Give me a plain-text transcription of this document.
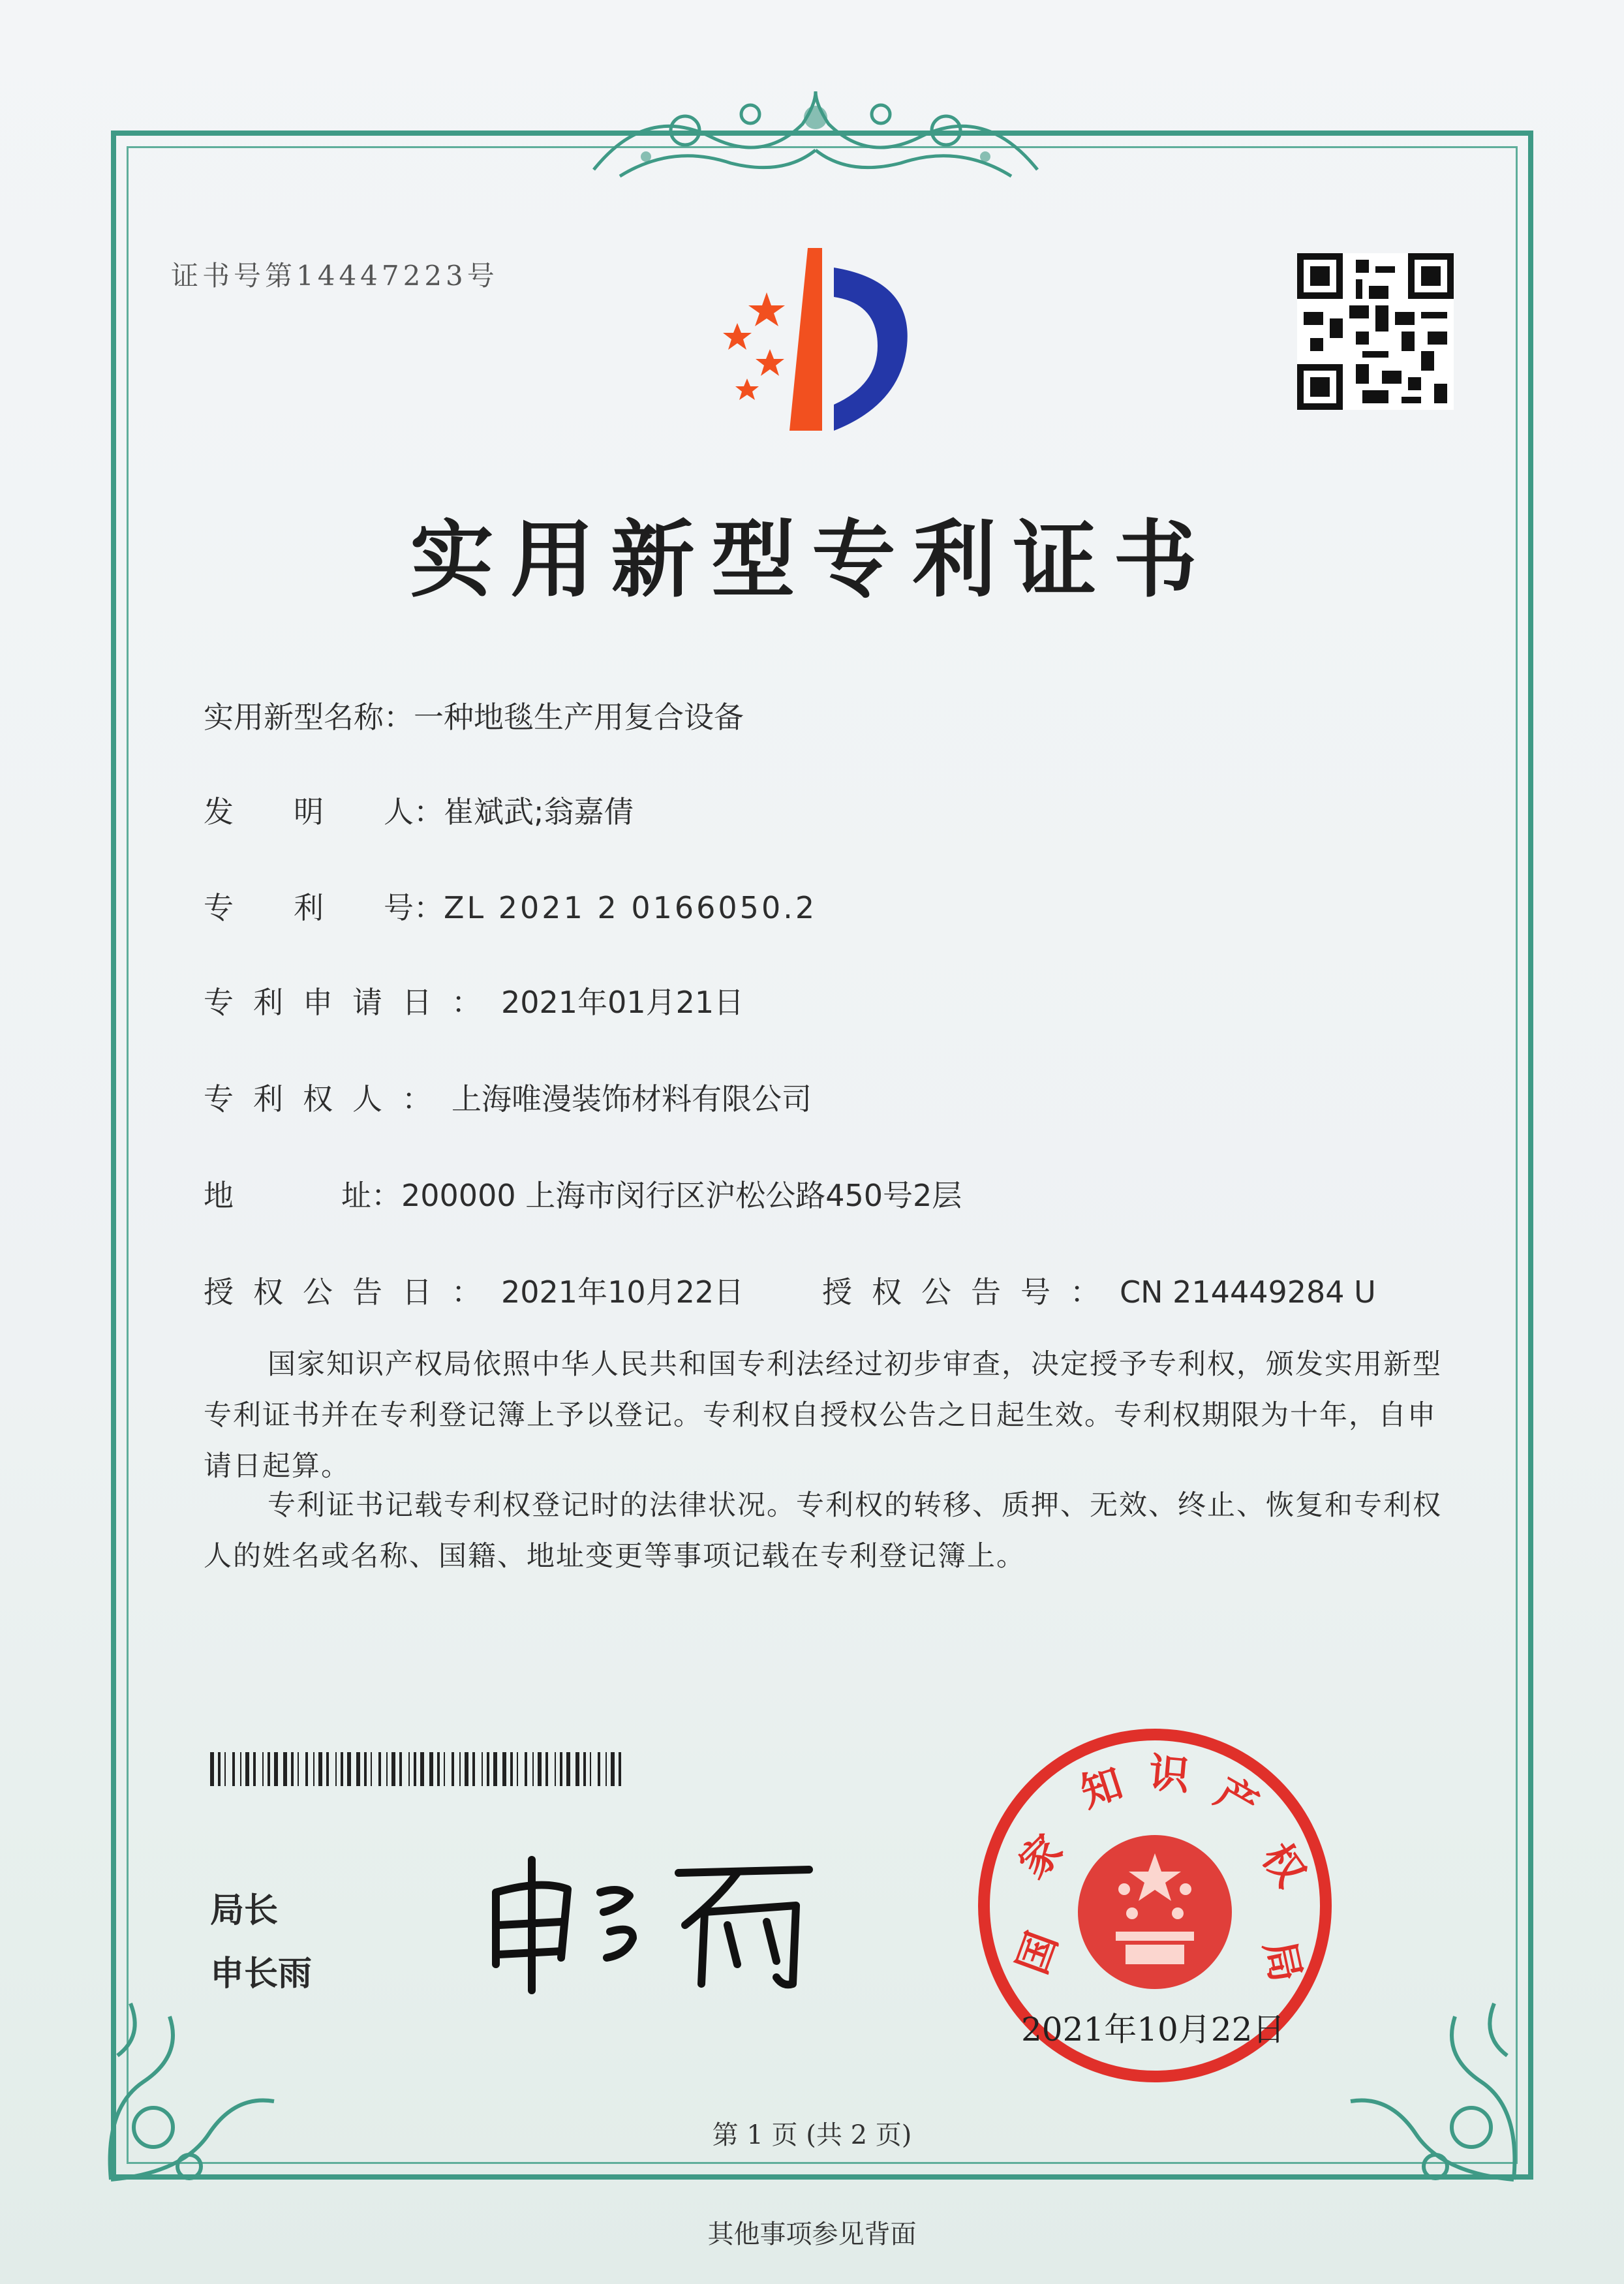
证书号第14447223号
实用新型专利证书
实用新型名称：一种地毯生产用复合设备
发明人：崔斌武;翁嘉倩
专利号：ZL 2021 2 0166050.2
专利申请日：2021年01月21日
专利权人：上海唯漫装饰材料有限公司
地址：200000 上海市闵行区沪松公路450号2层
授权公告日：2021年10月22日	授权公告号：CN 214449284 U
国家知识产权局依照中华人民共和国专利法经过初步审查，决定授予专利权，颁发实用新型专利证书并在专利登记簿上予以登记。专利权自授权公告之日起生效。专利权期限为十年，自申请日起算。
专利证书记载专利权登记时的法律状况。专利权的转移、质押、无效、终止、恢复和专利权人的姓名或名称、国籍、地址变更等事项记载在专利登记簿上。
局长
申长雨	国
家
知 识 产
权
局
2021年10月22日
第 1 页 (共 2 页)
其他事项参见背面
